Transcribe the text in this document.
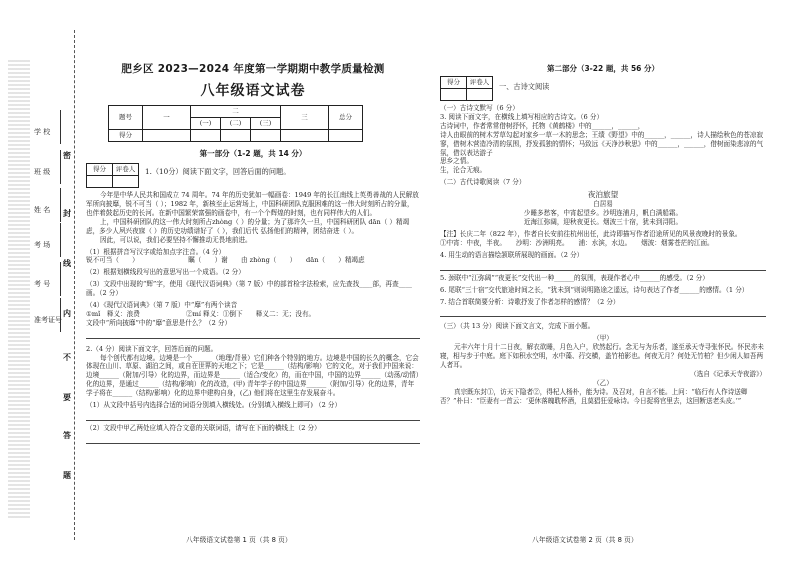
学 校
班 级
姓 名
考 场
考 号
准考证号
密
封
线
内
不
要
答
题
肥乡区 2023—2024 年度第一学期期中教学质量检测
八年级语文试卷
题号	一	二			三	总分
		(一)	(二)	(三)		
得分						
第一部分（1-2 题，共 14 分）
得分	评卷人
	1.（10分）阅读下面文字，回答后面的问题。

今年是中华人民共和国成立 74 周年。74 年的历史犹如一幅画卷：1949 年的长江南线上英勇善战的人民解放军所向披靡，锐不可当（ ）；1982 年，新核至止运营场上，中国科研团队克服困难的这一伟大时刻所占的分量，也伴着鼓起历史的长河。在新中国繁荣富强的画卷中，有一个个辉煌的时刻，也有同样伟大的人们。

上，中国科研团队的这一伟大时刻所占zhòng（ ）的分量；为了那许久一旦，中国科研团队 dān（ ）精竭虑，多少人夙兴夜寐（ ）的历史功绩谱好了（ ），我们后代 弘扬他们的精神，团结奋进（ ）。

因此，可以说，我们必要坚持不懈推动无畏地前进。

（1）根据拼音写汉字或给加点字注音。（4 分）

锐不可当（　　）　　　　　　　　瞩（　　）谢　　由 zhòng（　　）　　dān（　　）精竭虑

（2）根据划横线段写出的意思写出一个成语。（2 分）

（3）文段中出现的“辉”字，使用《现代汉语词典》（第 7 版）中的部首检字法检索，应先查找____部，再查____画。（2 分）

（4）《现代汉语词典》（第 7 版）中“靡”有两个读音

①mǐ　释义：浪费　　　　　　　②mí 释义：①倒下　　释义二：无；没有。

文段中“所向披靡”中的“靡”意思是什么？（2 分）

2.（4 分）阅读下面文字，回答后面的问题。

每个创代都有边境。边境是一个______（地理/背景）它们种各个特别的地方。边境是中国的长久的概念，它会体现在山川、草原、湖泊之间，或自在世界的天地之下；它是______（结构/影响）它的文化，对于我们中国来说：边境______（附加/引导）化的边界，而边界是______（适合/变化）的，而在中国，中国的边界______（动荡/动情）化的边界，是通过______（结构/影响）化的改造，(甲) 青年学子的中国边界______（附加/引导）化的边界，青年学子将在______（结构/影响）化的边界中建构自身，(乙) 他们将在这里生存发展奋斗。

（1）从文段中括号内选择合适的词语分别填入横线处。(分别填入横线上即可) （2 分）

（2）文段中甲乙两处应填入符合文意的关联词语，请写在下面的横线上（2 分）

八年级语文试卷第 1 页（共 8 页）
第二部分（3-22 题，共 56 分）
得分	评卷人
	一、古诗文阅读

（一）古诗文默写（6 分）

3. 阅读下面文字，在横线上填写相应的古诗文。（6 分）

古诗词中，作者常常借树抒怀，托物《黄鹤楼》中的______，______，

诗人由眼前的树木芳草勾起对家乡一草一木的思念；王绩《野望》中的______，______，诗人描绘秋色的苍凉寂寥，借树木营造冷清的氛围，抒发孤独的情怀；马致远《天净沙秋思》中的______，______，借树面染悲凉的气氛，借以表达游子

思乡之情。

生，沦合无痕。

（二）古代诗歌阅读（7 分）

夜泊旅望

白居易

少睡多愁客，中宵起望乡。沙明连浦月，帆白满船霜。

近海江弥阔，迎秋夜更长。烟波三十宿，犹未到浔阳。

【注】长庆二年（822 年），作者自长安前往杭州出任，此诗即描写作者沿途所见的风景夜晚时的景象。

①中宵：中夜，半夜。　　沙明：沙洲明亮。　　浦：水滨，水边。　　烟波：烟雾苍茫的江面。

4. 用生动的语言描绘颔联所展现的画面。（2 分）

5. 颈联中“江弥阔”“夜更长”交代出一种______的氛围，表现作者心中______的感受。（2 分）

6. 尾联“三十宿”交代旅途时间之长，“犹未到”则说明路途之遥远，诗句表达了作者______的感情。（1 分）

7. 结合首联简要分析：诗歌抒发了作者怎样的感情？（2 分）

（三）（共 13 分）阅读下面文言文，完成下面小题。

（甲）

元丰六年十月十二日夜，解衣欲睡，月色入户，欣然起行。念无与为乐者，遂至承天寺寻张怀民。怀民亦未寝，相与步于中庭。庭下如积水空明，水中藻、荇交横，盖竹柏影也。何夜无月？何处无竹柏？但少闲人如吾两人者耳。

（选自《记承天寺夜游》）

（乙）

真宗既东封①，访天下隐者②，得杞人杨朴，能为诗。及召对，自言不能。上问：“临行有人作诗送卿否？”朴曰：“臣妻有一首云：‘更休落魄耽杯酒，且莫猖狂爱咏诗。今日捉将官里去，这回断送老头皮。’”

八年级语文试卷第 2 页（共 8 页）
